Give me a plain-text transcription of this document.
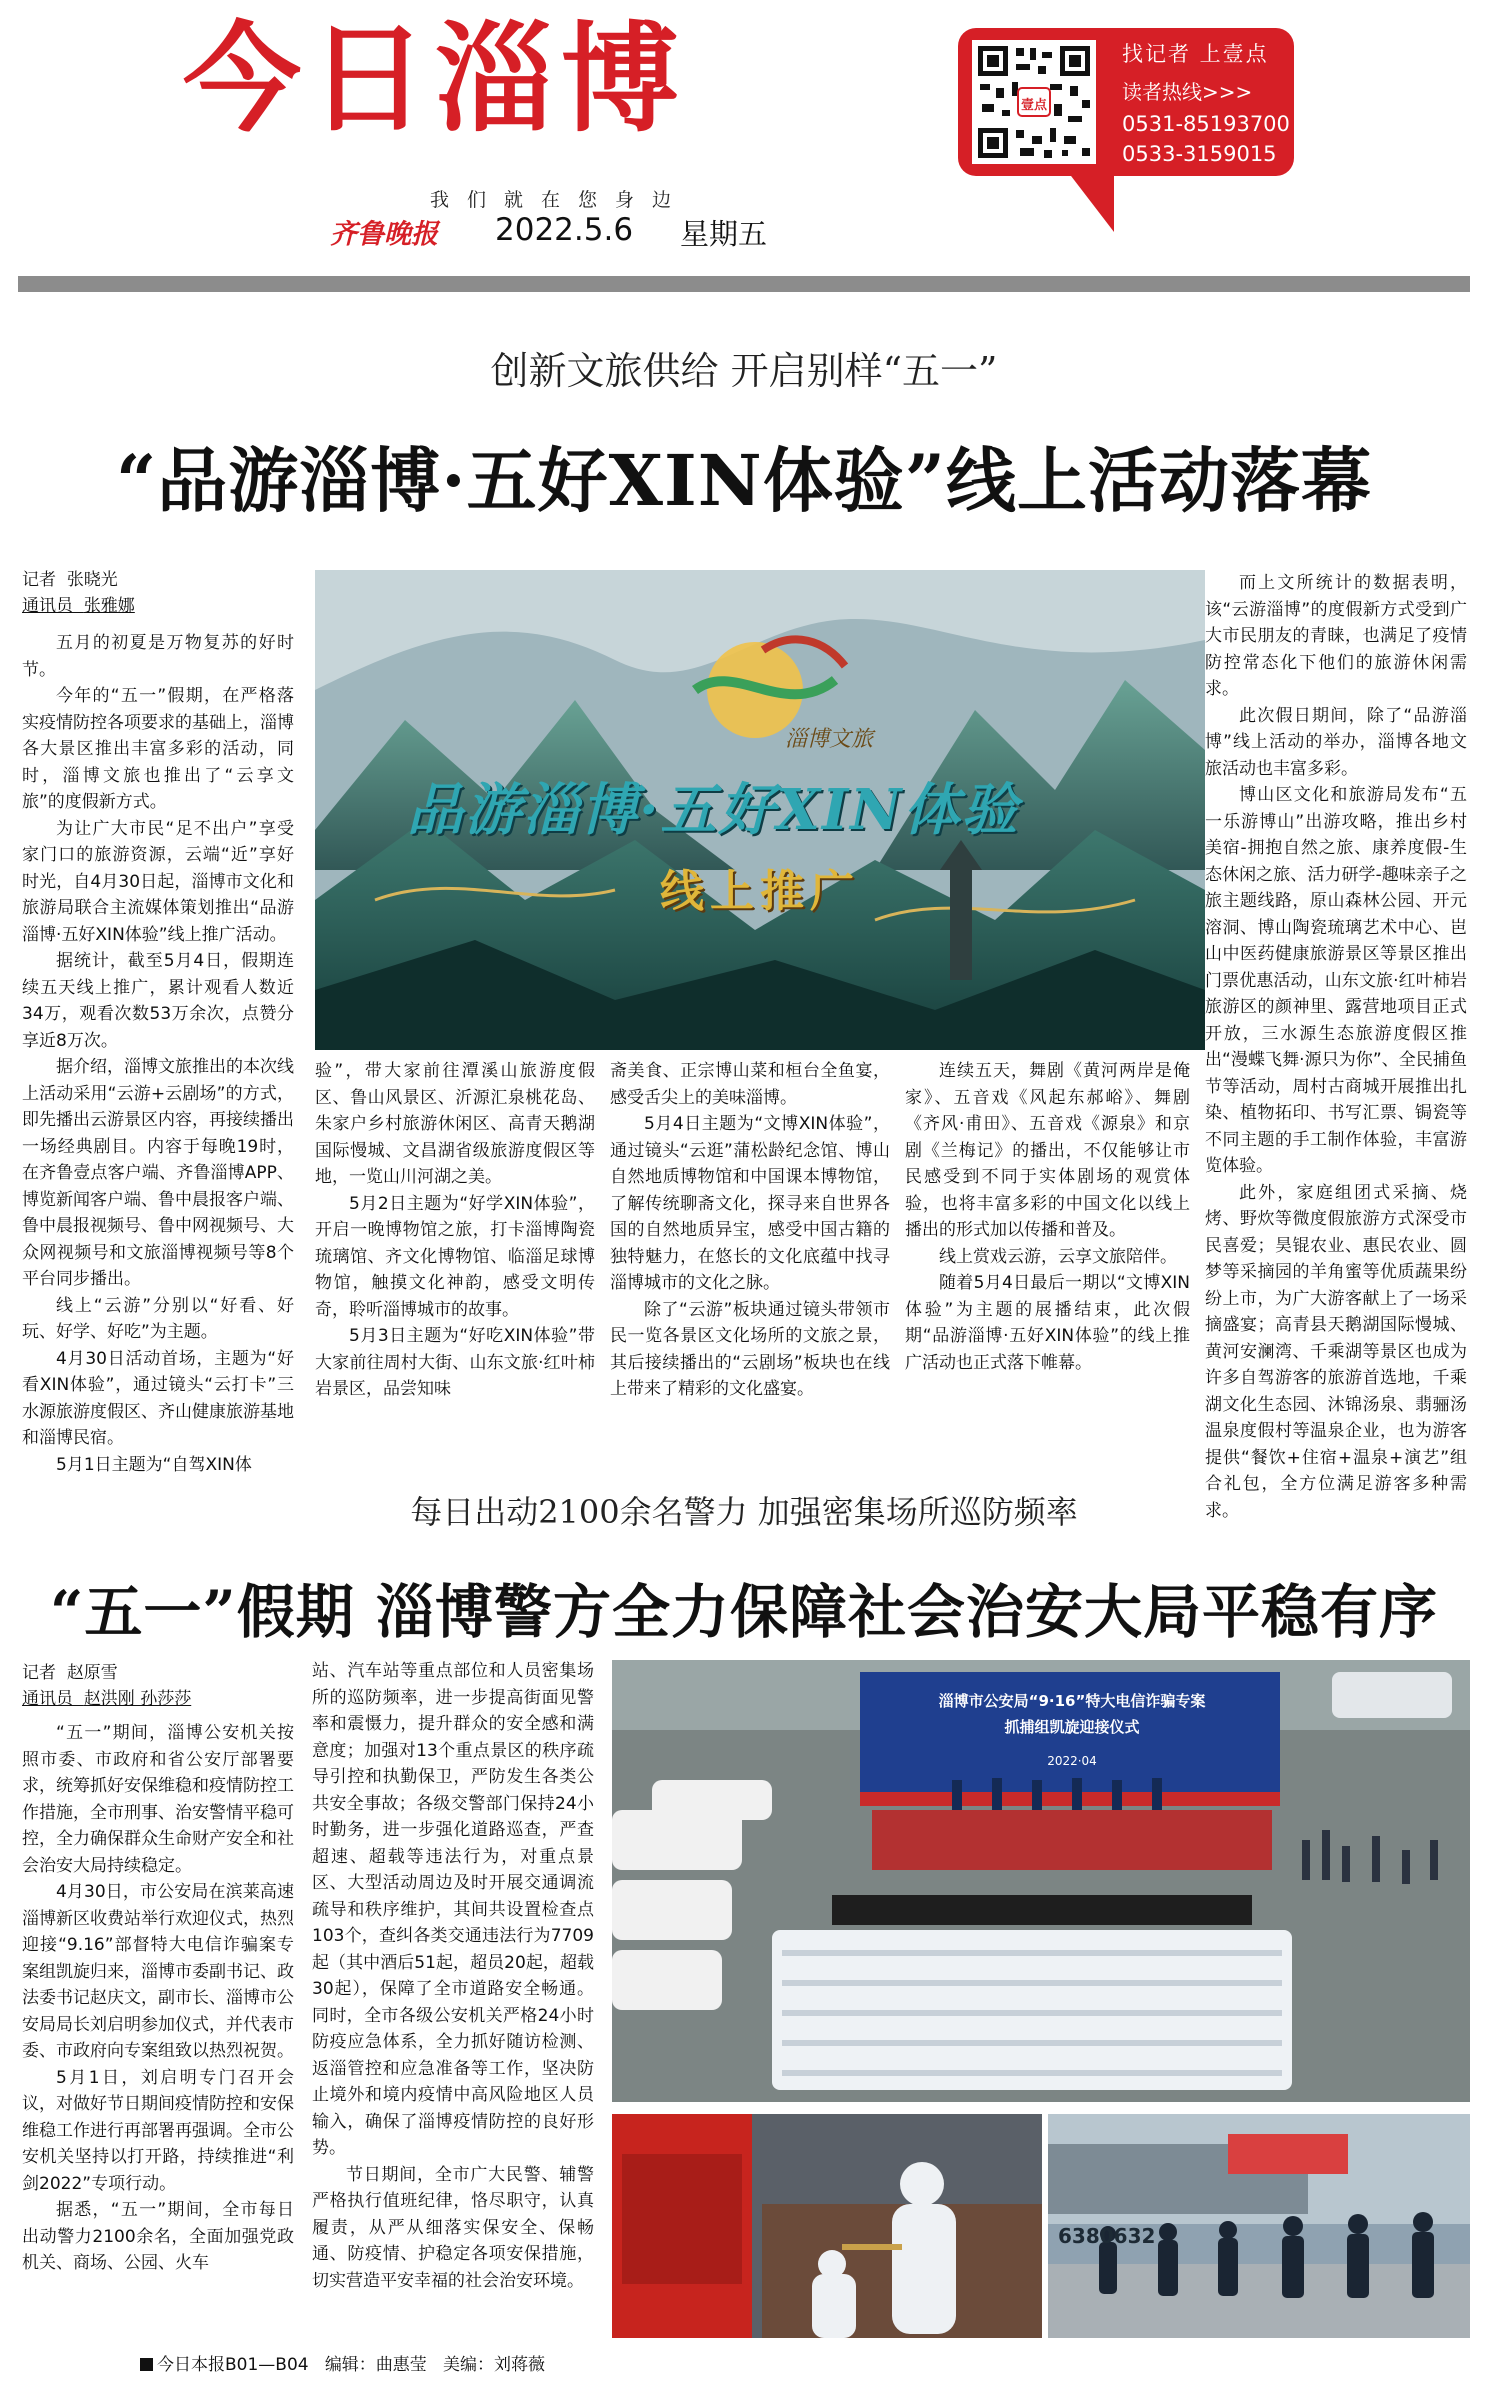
今日淄博
我们就在您身边
齐鲁晚报 2022.5.6 星期五
壹点
找记者 上壹点
读者热线>>>
0531-85193700
0533-3159015
创新文旅供给 开启别样“五一”
“品游淄博·五好XIN体验”线上活动落幕
记者 张晓光
通讯员 张雅娜

五月的初夏是万物复苏的好时节。

今年的“五一”假期，在严格落实疫情防控各项要求的基础上，淄博各大景区推出丰富多彩的活动，同时，淄博文旅也推出了“云享文旅”的度假新方式。

为让广大市民“足不出户”享受家门口的旅游资源，云端“近”享好时光，自4月30日起，淄博市文化和旅游局联合主流媒体策划推出“品游淄博·五好XIN体验”线上推广活动。

据统计，截至5月4日，假期连续五天线上推广，累计观看人数近34万，观看次数53万余次，点赞分享近8万次。

据介绍，淄博文旅推出的本次线上活动采用“云游+云剧场”的方式，即先播出云游景区内容，再接续播出一场经典剧目。内容于每晚19时，在齐鲁壹点客户端、齐鲁淄博APP、博览新闻客户端、鲁中晨报客户端、鲁中晨报视频号、鲁中网视频号、大众网视频号和文旅淄博视频号等8个平台同步播出。

线上“云游”分别以“好看、好玩、好学、好吃”为主题。

4月30日活动首场，主题为“好看XIN体验”，通过镜头“云打卡”三水源旅游度假区、齐山健康旅游基地和淄博民宿。

5月1日主题为“自驾XIN体

淄博文旅
品游淄博·五好XIN体验
线上推广

验”，带大家前往潭溪山旅游度假区、鲁山风景区、沂源汇泉桃花岛、朱家户乡村旅游休闲区、高青天鹅湖国际慢城、文昌湖省级旅游度假区等地，一览山川河湖之美。

5月2日主题为“好学XIN体验”，开启一晚博物馆之旅，打卡淄博陶瓷琉璃馆、齐文化博物馆、临淄足球博物馆，触摸文化神韵，感受文明传奇，聆听淄博城市的故事。

5月3日主题为“好吃XIN体验”带大家前往周村大街、山东文旅·红叶柿岩景区，品尝知味

斋美食、正宗博山菜和桓台全鱼宴，感受舌尖上的美味淄博。

5月4日主题为“文博XIN体验”，通过镜头“云逛”蒲松龄纪念馆、博山自然地质博物馆和中国课本博物馆，了解传统聊斋文化，探寻来自世界各国的自然地质异宝，感受中国古籍的独特魅力，在悠长的文化底蕴中找寻淄博城市的文化之脉。

除了“云游”板块通过镜头带领市民一览各景区文化场所的文旅之景，其后接续播出的“云剧场”板块也在线上带来了精彩的文化盛宴。

连续五天，舞剧《黄河两岸是俺家》、五音戏《风起东郝峪》、舞剧《齐风·甫田》、五音戏《源泉》和京剧《兰梅记》的播出，不仅能够让市民感受到不同于实体剧场的观赏体验，也将丰富多彩的中国文化以线上播出的形式加以传播和普及。

线上赏戏云游，云享文旅陪伴。

随着5月4日最后一期以“文博XIN体验”为主题的展播结束，此次假期“品游淄博·五好XIN体验”的线上推广活动也正式落下帷幕。

而上文所统计的数据表明，该“云游淄博”的度假新方式受到广大市民朋友的青睐，也满足了疫情防控常态化下他们的旅游休闲需求。

此次假日期间，除了“品游淄博”线上活动的举办，淄博各地文旅活动也丰富多彩。

博山区文化和旅游局发布“五一乐游博山”出游攻略，推出乡村美宿-拥抱自然之旅、康养度假-生态休闲之旅、活力研学-趣味亲子之旅主题线路，原山森林公园、开元溶洞、博山陶瓷琉璃艺术中心、岜山中医药健康旅游景区等景区推出门票优惠活动，山东文旅·红叶柿岩旅游区的颜神里、露营地项目正式开放，三水源生态旅游度假区推出“漫蝶飞舞·源只为你”、全民捕鱼节等活动，周村古商城开展推出扎染、植物拓印、书写汇票、锔瓷等不同主题的手工制作体验，丰富游览体验。

此外，家庭组团式采摘、烧烤、野炊等微度假旅游方式深受市民喜爱；昊锟农业、惠民农业、圆梦等采摘园的羊角蜜等优质蔬果纷纷上市，为广大游客献上了一场采摘盛宴；高青县天鹅湖国际慢城、黄河安澜湾、千乘湖等景区也成为许多自驾游客的旅游首选地，千乘湖文化生态园、沐锦汤泉、翡骊汤温泉度假村等温泉企业，也为游客提供“餐饮+住宿+温泉+演艺”组合礼包，全方位满足游客多种需求。

每日出动2100余名警力 加强密集场所巡防频率
“五一”假期 淄博警方全力保障社会治安大局平稳有序
记者 赵原雪
通讯员 赵洪刚 孙莎莎

“五一”期间，淄博公安机关按照市委、市政府和省公安厅部署要求，统筹抓好安保维稳和疫情防控工作措施，全市刑事、治安警情平稳可控，全力确保群众生命财产安全和社会治安大局持续稳定。

4月30日，市公安局在滨莱高速淄博新区收费站举行欢迎仪式，热烈迎接“9.16”部督特大电信诈骗案专案组凯旋归来，淄博市委副书记、政法委书记赵庆文，副市长、淄博市公安局局长刘启明参加仪式，并代表市委、市政府向专案组致以热烈祝贺。

5月1日，刘启明专门召开会议，对做好节日期间疫情防控和安保维稳工作进行再部署再强调。全市公安机关坚持以打开路，持续推进“利剑2022”专项行动。

据悉，“五一”期间，全市每日出动警力2100余名，全面加强党政机关、商场、公园、火车

站、汽车站等重点部位和人员密集场所的巡防频率，进一步提高街面见警率和震慑力，提升群众的安全感和满意度；加强对13个重点景区的秩序疏导引控和执勤保卫，严防发生各类公共安全事故；各级交警部门保持24小时勤务，进一步强化道路巡查，严查超速、超载等违法行为，对重点景区、大型活动周边及时开展交通调流疏导和秩序维护，其间共设置检查点103个，查纠各类交通违法行为7709起（其中酒后51起，超员20起，超载30起），保障了全市道路安全畅通。同时，全市各级公安机关严格24小时防疫应急体系，全力抓好随访检测、返淄管控和应急准备等工作，坚决防止境外和境内疫情中高风险地区人员输入，确保了淄博疫情防控的良好形势。

节日期间，全市广大民警、辅警严格执行值班纪律，恪尽职守，认真履责，从严从细落实保安全、保畅通、防疫情、护稳定各项安保措施，切实营造平安幸福的社会治安环境。

淄博市公安局“9·16”特大电信诈骗专案
抓捕组凯旋迎接仪式
2022·04
6380632
今日本报B01—B04 编辑：曲惠莹 美编：刘蒋薇
